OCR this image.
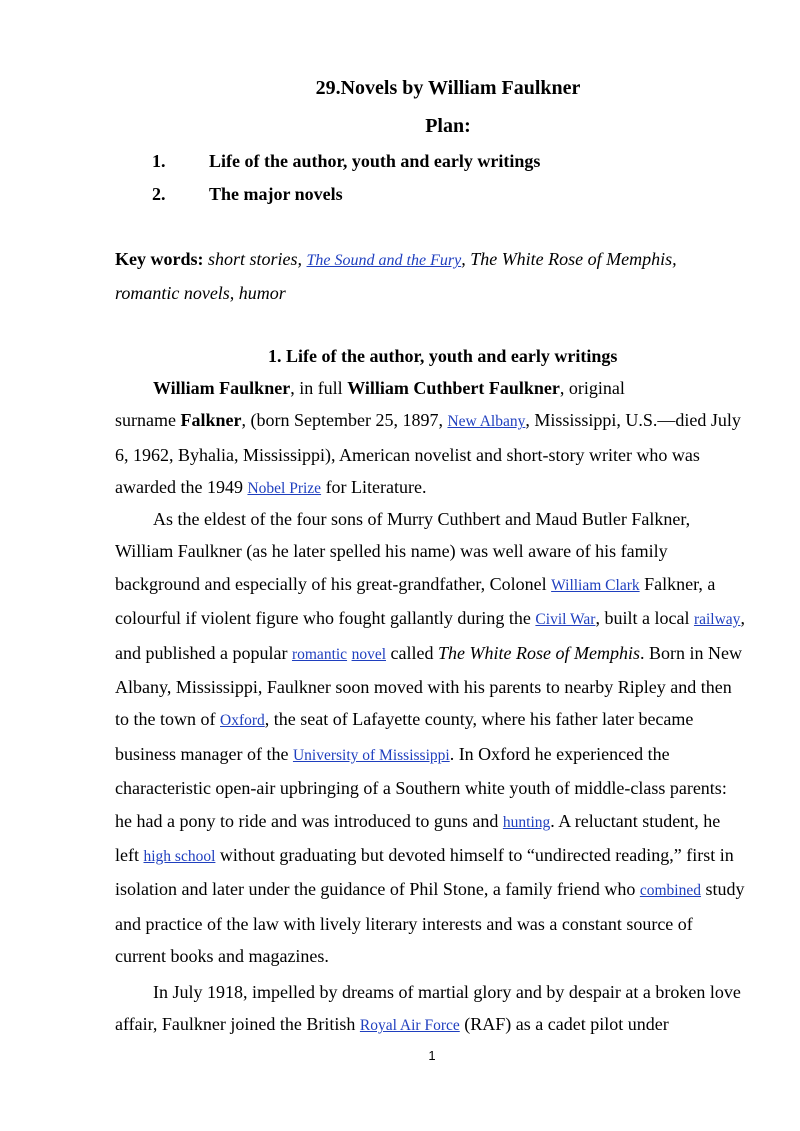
29.Novels by William Faulkner
Plan:
1. Life of the author, youth and early writings
2. The major novels
Key words: short stories, The Sound and the Fury, The White Rose of Memphis,
romantic novels, humor
1. Life of the author, youth and early writings
William Faulkner, in full William Cuthbert Faulkner, original
surname Falkner, (born September 25, 1897, New Albany, Mississippi, U.S.—died July 6, 1962, Byhalia, Mississippi), American novelist and short-story writer who was awarded the 1949 Nobel Prize for Literature.
As the eldest of the four sons of Murry Cuthbert and Maud Butler Falkner, William Faulkner (as he later spelled his name) was well aware of his family background and especially of his great-grandfather, Colonel William Clark Falkner, a colourful if violent figure who fought gallantly during the Civil War, built a local railway, and published a popular romantic novel called The White Rose of Memphis. Born in New Albany, Mississippi, Faulkner soon moved with his parents to nearby Ripley and then to the town of Oxford, the seat of Lafayette county, where his father later became business manager of the University of Mississippi. In Oxford he experienced the characteristic open-air upbringing of a Southern white youth of middle-class parents: he had a pony to ride and was introduced to guns and hunting. A reluctant student, he left high school without graduating but devoted himself to “undirected reading,” first in isolation and later under the guidance of Phil Stone, a family friend who combined study and practice of the law with lively literary interests and was a constant source of current books and magazines.
In July 1918, impelled by dreams of martial glory and by despair at a broken love affair, Faulkner joined the British Royal Air Force (RAF) as a cadet pilot under
1
